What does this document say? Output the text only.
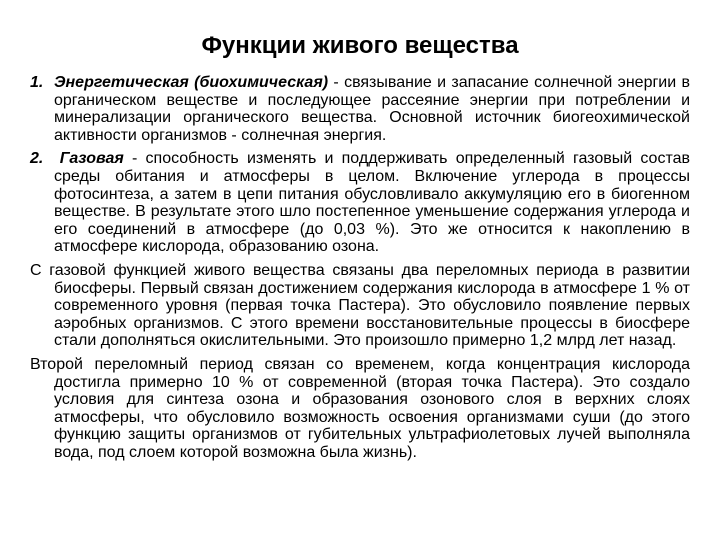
Функции живого вещества

1. Энергетическая (биохимическая) - связывание и запасание солнечной энергии в органическом веществе и последующее рассеяние энергии при потреблении и минерализации органического вещества. Основной источник биогеохимической активности организмов - солнечная энергия.

2. Газовая - способность изменять и поддерживать определенный газовый состав среды обитания и атмосферы в целом. Включение углерода в процессы фотосинтеза, а затем в цепи питания обусловливало аккумуляцию его в биогенном веществе. В результате этого шло постепенное уменьшение содержания углерода и его соединений в атмосфере (до 0,03 %). Это же относится к накоплению в атмосфере кислорода, образованию озона.

С газовой функцией живого вещества связаны два переломных периода в развитии биосферы. Первый связан достижением содержания кислорода в атмосфере 1 % от современного уровня (первая точка Пастера). Это обусловило появление первых аэробных организмов. С этого времени восстановительные процессы в биосфере стали дополняться окислительными. Это произошло примерно 1,2 млрд лет назад.

Второй переломный период связан со временем, когда концентрация кислорода достигла примерно 10 % от современной (вторая точка Пастера). Это создало условия для синтеза озона и образования озонового слоя в верхних слоях атмосферы, что обусловило возможность освоения организмами суши (до этого функцию защиты организмов от губительных ультрафиолетовых лучей выполняла вода, под слоем которой возможна была жизнь).
